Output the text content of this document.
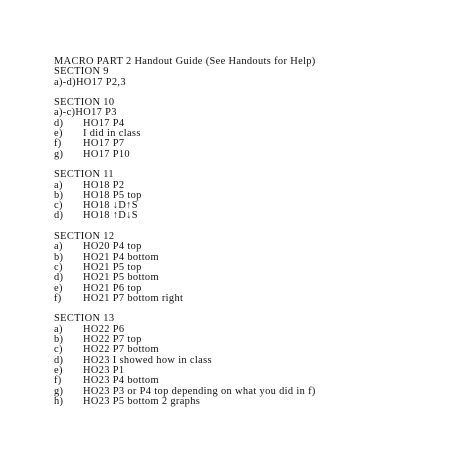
MACRO PART 2 Handout Guide (See Handouts for Help)
SECTION 9
a)-d) HO17 P2,3
SECTION 10
a)-c) HO17 P3
d)	HO17 P4
e)	I did in class
f)	HO17 P7
g)	HO17 P10
SECTION 11
a)	HO18 P2
b)	HO18 P5 top
c)	HO18 ↓D↑S
d)	HO18 ↑D↓S
SECTION 12
a)	HO20 P4 top
b)	HO21 P4 bottom
c)	HO21 P5 top
d)	HO21 P5 bottom
e)	HO21 P6 top
f)	HO21 P7 bottom right
SECTION 13
a)	HO22 P6
b)	HO22 P7 top
c)	HO22 P7 bottom
d)	HO23 I showed how in class
e)	HO23 P1
f)	HO23 P4 bottom
g)	HO23 P3 or P4 top depending on what you did in f)
h)	HO23 P5 bottom 2 graphs
